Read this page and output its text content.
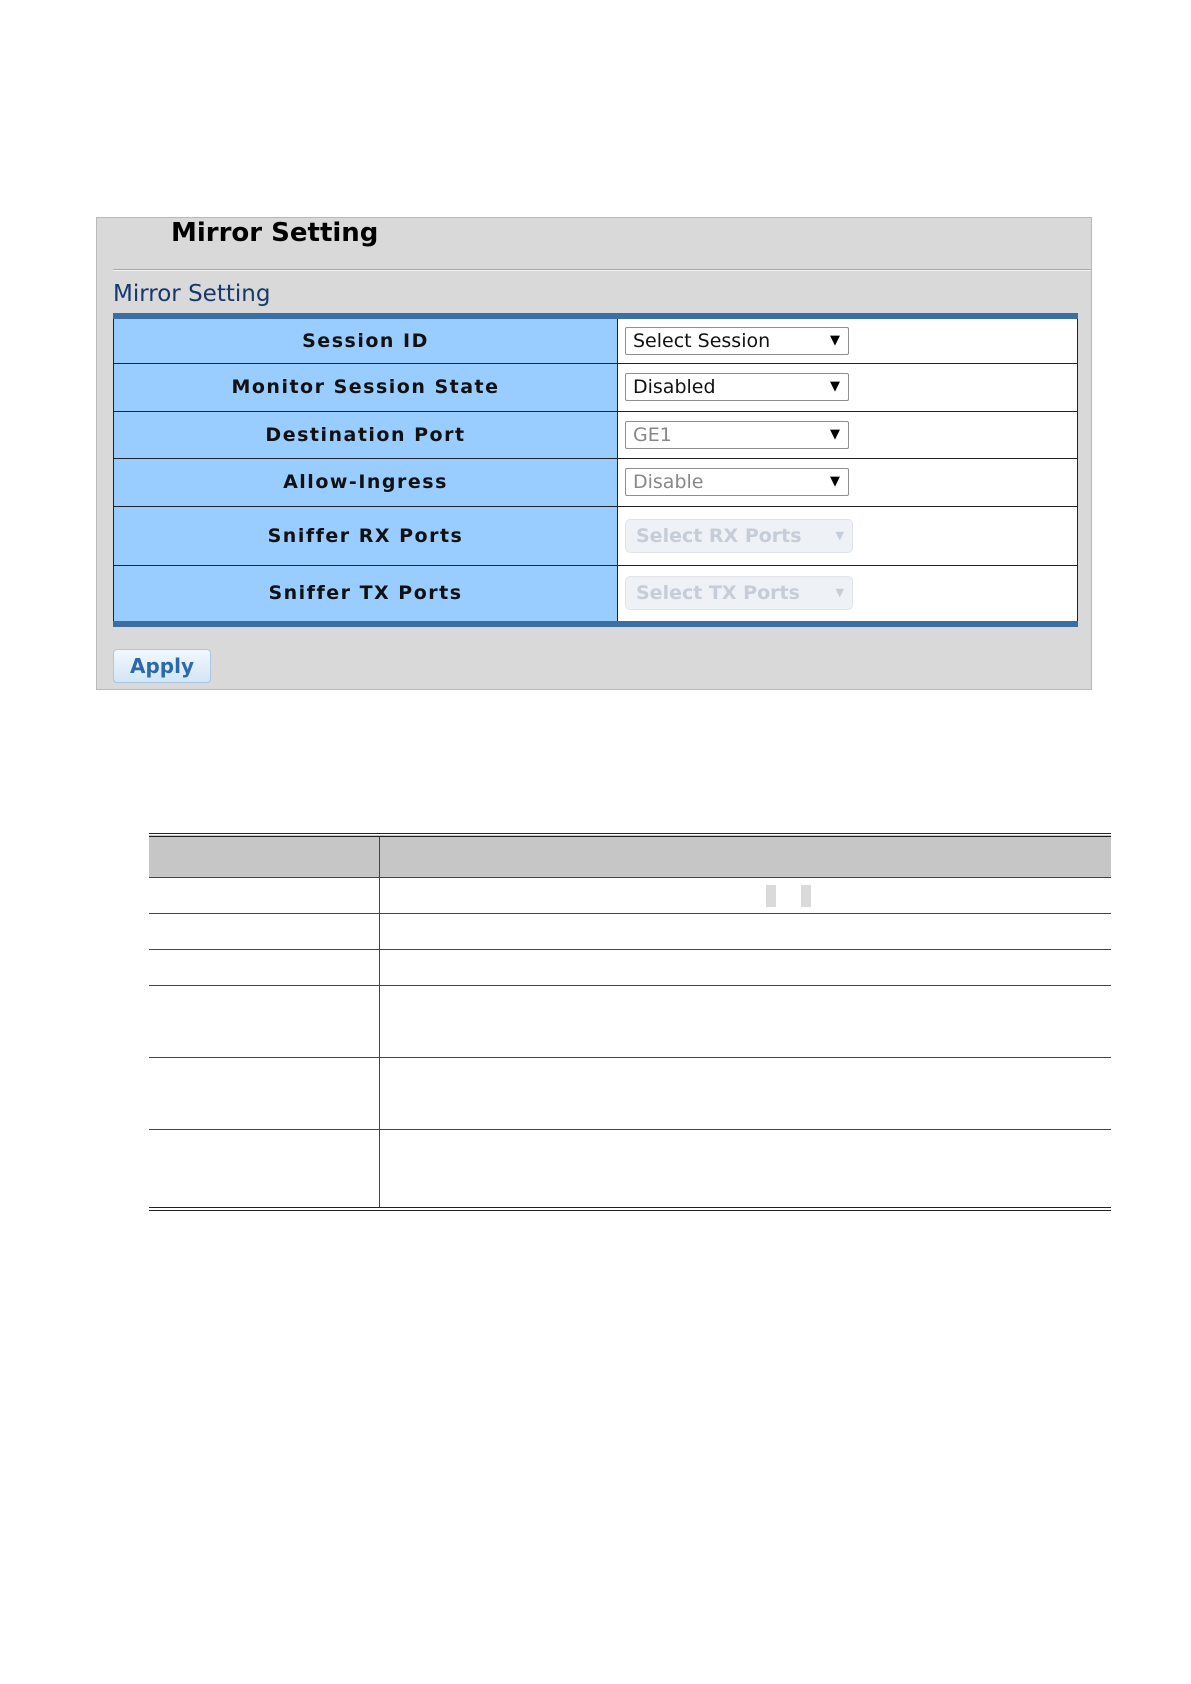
Mirror Setting
Mirror Setting
Session ID	Select Session ▼

Monitor Session State	Disabled ▼

Destination Port	GE1 ▼

Allow-Ingress	Disable ▼

Sniffer RX Ports	Select RX Ports ▼

Sniffer TX Ports	Select TX Ports ▼
Apply
